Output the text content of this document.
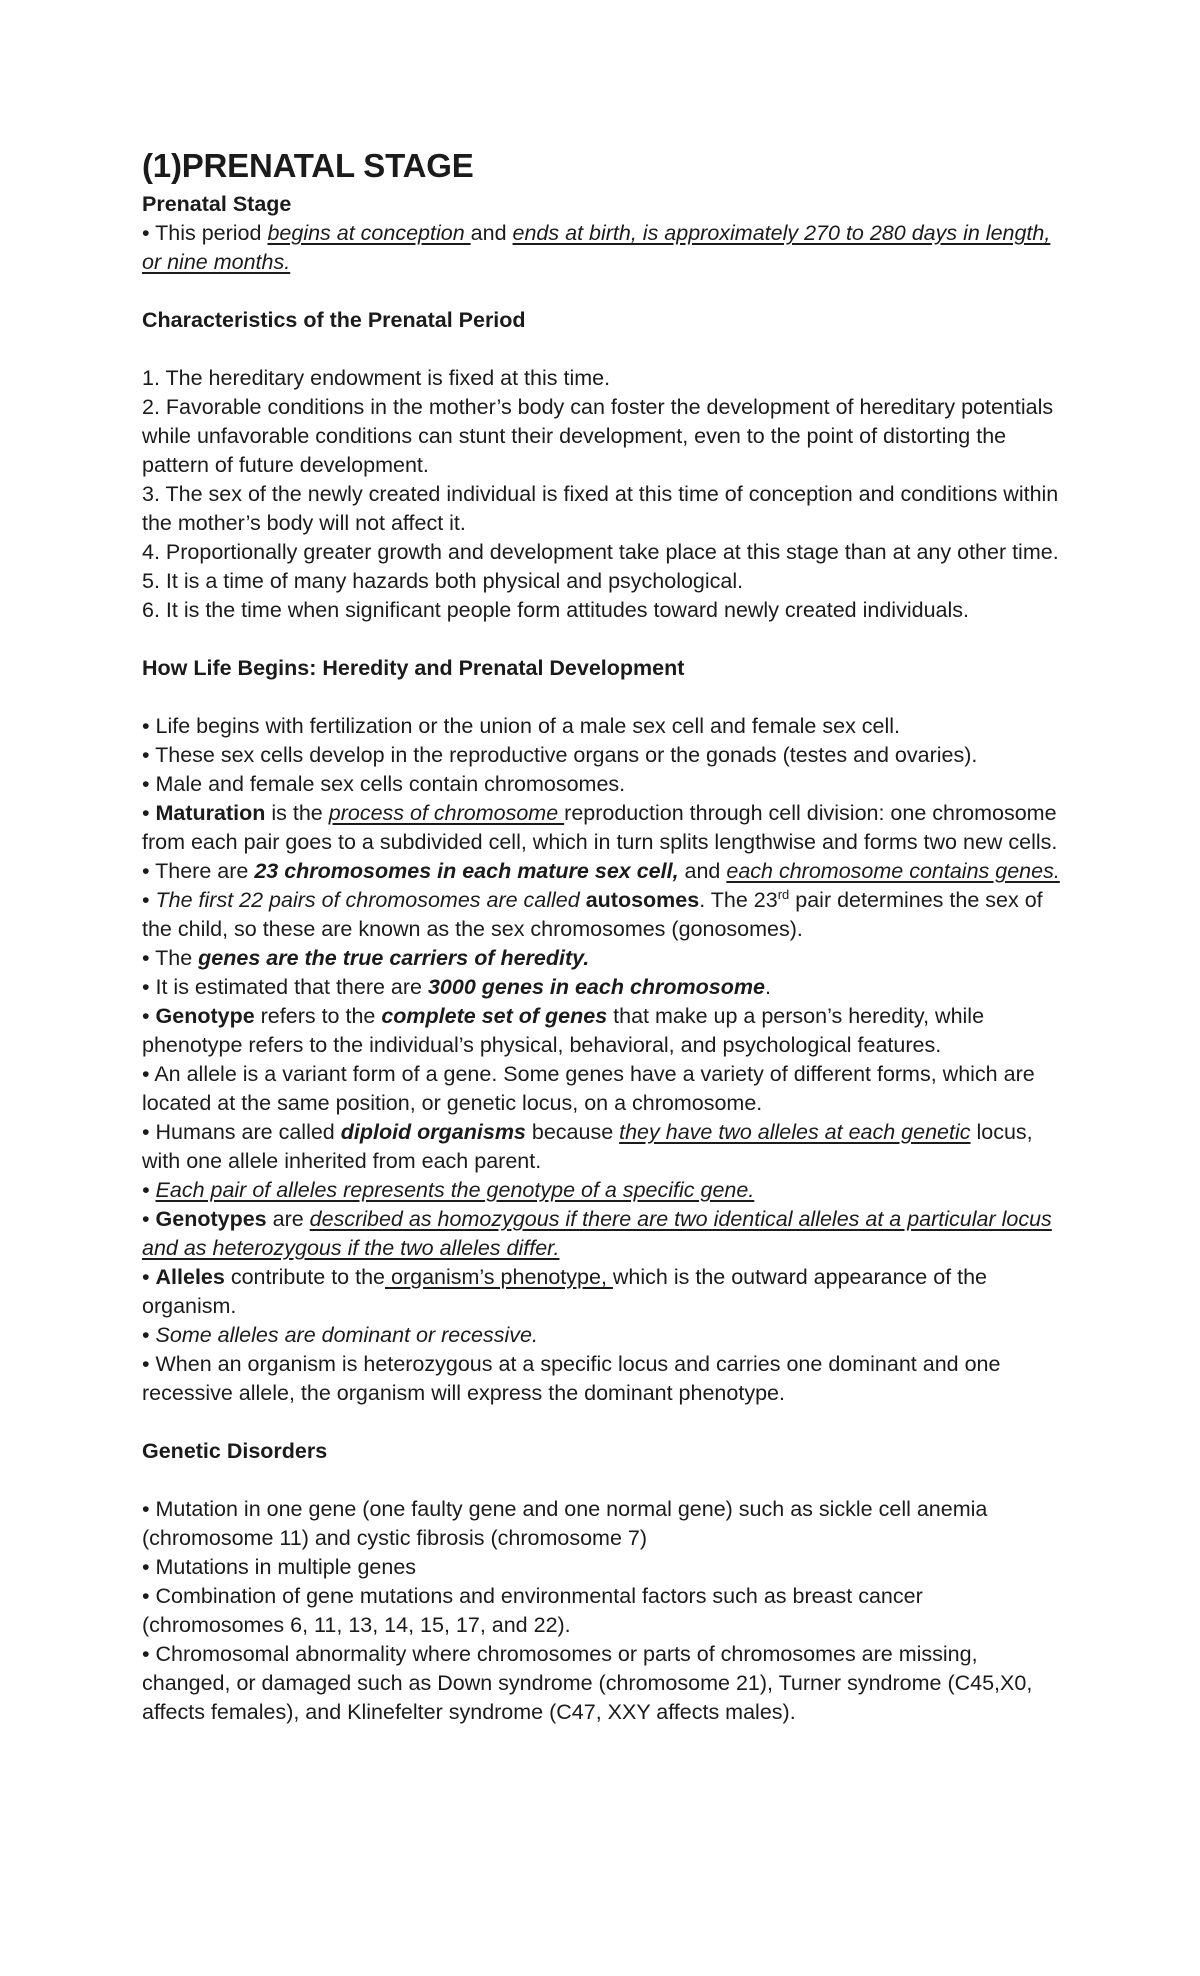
(1)PRENATAL STAGE

Prenatal Stage

• This period begins at conception and ends at birth, is approximately 270 to 280 days in length, or nine months.

Characteristics of the Prenatal Period

1. The hereditary endowment is fixed at this time.

2. Favorable conditions in the mother’s body can foster the development of hereditary potentials while unfavorable conditions can stunt their development, even to the point of distorting the pattern of future development.

3. The sex of the newly created individual is fixed at this time of conception and conditions within the mother’s body will not affect it.

4. Proportionally greater growth and development take place at this stage than at any other time.

5. It is a time of many hazards both physical and psychological.

6. It is the time when significant people form attitudes toward newly created individuals.

How Life Begins: Heredity and Prenatal Development

• Life begins with fertilization or the union of a male sex cell and female sex cell.

• These sex cells develop in the reproductive organs or the gonads (testes and ovaries).

• Male and female sex cells contain chromosomes.

• Maturation is the process of chromosome reproduction through cell division: one chromosome from each pair goes to a subdivided cell, which in turn splits lengthwise and forms two new cells.

• There are 23 chromosomes in each mature sex cell, and each chromosome contains genes.

• The first 22 pairs of chromosomes are called autosomes. The 23rd pair determines the sex of the child, so these are known as the sex chromosomes (gonosomes).

• The genes are the true carriers of heredity.

• It is estimated that there are 3000 genes in each chromosome.

• Genotype refers to the complete set of genes that make up a person’s heredity, while phenotype refers to the individual’s physical, behavioral, and psychological features.

• An allele is a variant form of a gene. Some genes have a variety of different forms, which are located at the same position, or genetic locus, on a chromosome.

• Humans are called diploid organisms because they have two alleles at each genetic locus, with one allele inherited from each parent.

• Each pair of alleles represents the genotype of a specific gene.

• Genotypes are described as homozygous if there are two identical alleles at a particular locus and as heterozygous if the two alleles differ.

• Alleles contribute to the organism’s phenotype, which is the outward appearance of the organism.

• Some alleles are dominant or recessive.

• When an organism is heterozygous at a specific locus and carries one dominant and one recessive allele, the organism will express the dominant phenotype.

Genetic Disorders

• Mutation in one gene (one faulty gene and one normal gene) such as sickle cell anemia (chromosome 11) and cystic fibrosis (chromosome 7)

• Mutations in multiple genes

• Combination of gene mutations and environmental factors such as breast cancer (chromosomes 6, 11, 13, 14, 15, 17, and 22).

• Chromosomal abnormality where chromosomes or parts of chromosomes are missing, changed, or damaged such as Down syndrome (chromosome 21), Turner syndrome (C45,X0, affects females), and Klinefelter syndrome (C47, XXY affects males).
